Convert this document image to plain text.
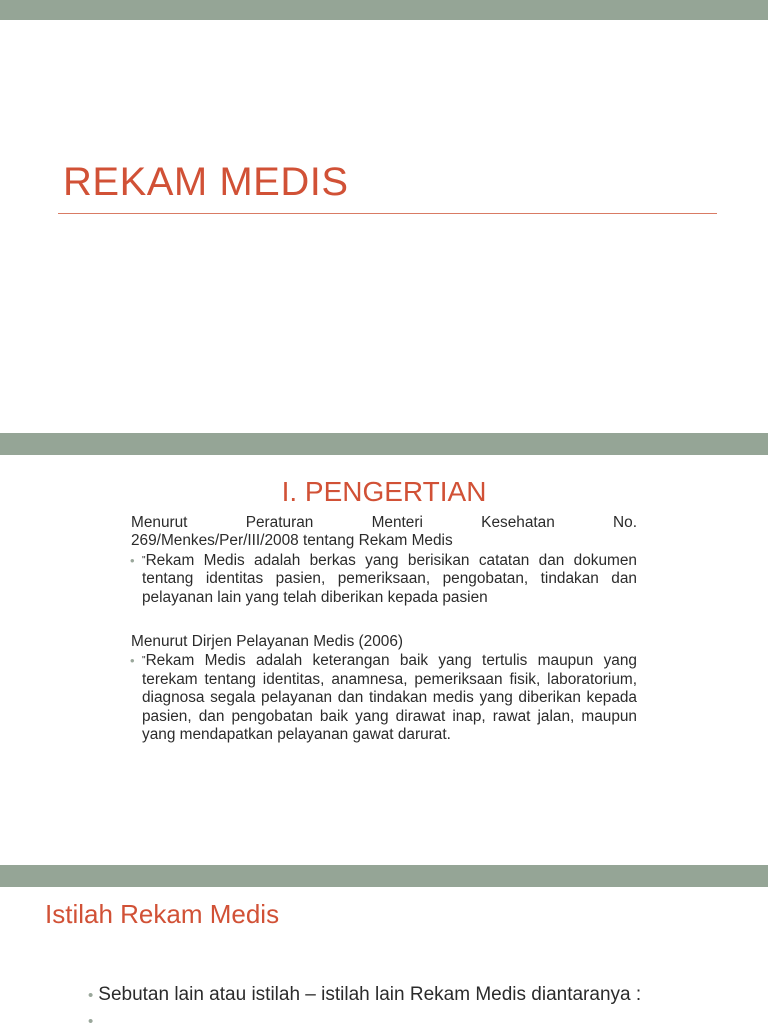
REKAM MEDIS
I. PENGERTIAN
Menurut Peraturan Menteri Kesehatan No.
269/Menkes/Per/III/2008 tentang Rekam Medis
• "Rekam Medis adalah berkas yang berisikan catatan dan dokumen tentang identitas pasien, pemeriksaan, pengobatan, tindakan dan pelayanan lain yang telah diberikan kepada pasien
Menurut Dirjen Pelayanan Medis (2006)
• "Rekam Medis adalah keterangan baik yang tertulis maupun yang terekam tentang identitas, anamnesa, pemeriksaan fisik, laboratorium, diagnosa segala pelayanan dan tindakan medis yang diberikan kepada pasien, dan pengobatan baik yang dirawat inap, rawat jalan, maupun yang mendapatkan pelayanan gawat darurat.
Istilah Rekam Medis
• Sebutan lain atau istilah – istilah lain Rekam Medis diantaranya :
•
